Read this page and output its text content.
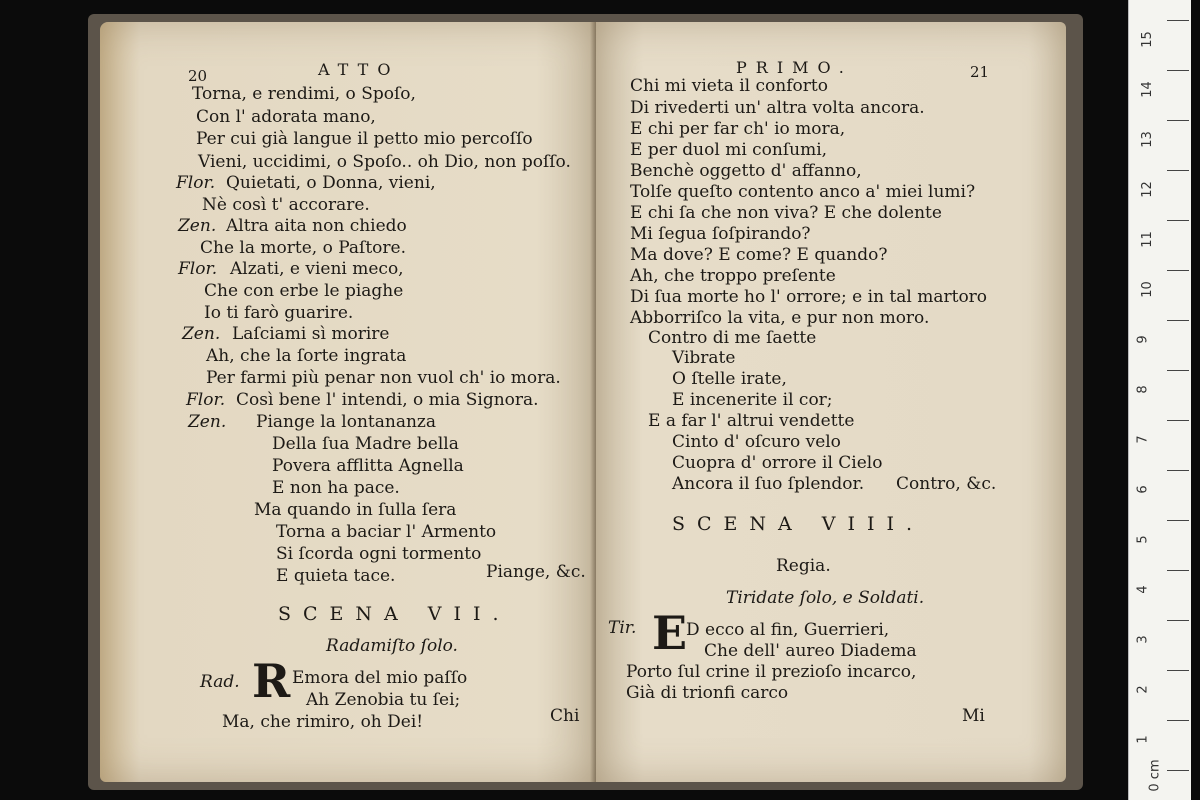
20	ATTO
Torna, e rendimi, o Spoſo,
Con l' adorata mano,
Per cui già langue il petto mio percoſſo
Vieni, uccidimi, o Spoſo.. oh Dio, non poſſo.
Flor. Quietati, o Donna, vieni,
Nè così t' accorare.
Zen. Altra aita non chiedo
Che la morte, o Paſtore.
Flor. Alzati, e vieni meco,
Che con erbe le piaghe
Io ti farò guarire.
Zen. Laſciami sì morire
Ah, che la ſorte ingrata
Per farmi più penar non vuol ch' io mora.
Flor. Così bene l' intendi, o mia Signora.
Zen. Piange la lontananza
Della ſua Madre bella
Povera afflitta Agnella
E non ha pace.
Ma quando in ſulla ſera
Torna a baciar l' Armento
Si ſcorda ogni tormento
E quieta tace.	Piange, &c.
SCENA VII.
Radamiſto ſolo.
Rad. R Emora del mio paſſo
Ah Zenobia tu ſei;
Ma, che rimiro, oh Dei!	Chi
PRIMO.	21
Chi mi vieta il conforto
Di rivederti un' altra volta ancora.
E chi per far ch' io mora,
E per duol mi conſumi,
Benchè oggetto d' affanno,
Tolſe queſto contento anco a' miei lumi?
E chi ſa che non viva? E che dolente
Mi ſegua ſoſpirando?
Ma dove? E come? E quando?
Ah, che troppo preſente
Di ſua morte ho l' orrore; e in tal martoro
Abborriſco la vita, e pur non moro.
Contro di me ſaette
Vibrate
O ſtelle irate,
E incenerite il cor;
E a far l' altrui vendette
Cinto d' oſcuro velo
Cuopra d' orrore il Cielo
Ancora il ſuo ſplendor. Contro, &c.
SCENA VIII.
Regia.
Tiridate ſolo, e Soldati.
Tir. E
D ecco al fin, Guerrieri,
Che dell' aureo Diadema
Porto ſul crine il prezioſo incarco,
Già di trionfi carco
Mi
15
14
13
12
11
10
9
8
7
6
5
4
3
2
1
0 cm
